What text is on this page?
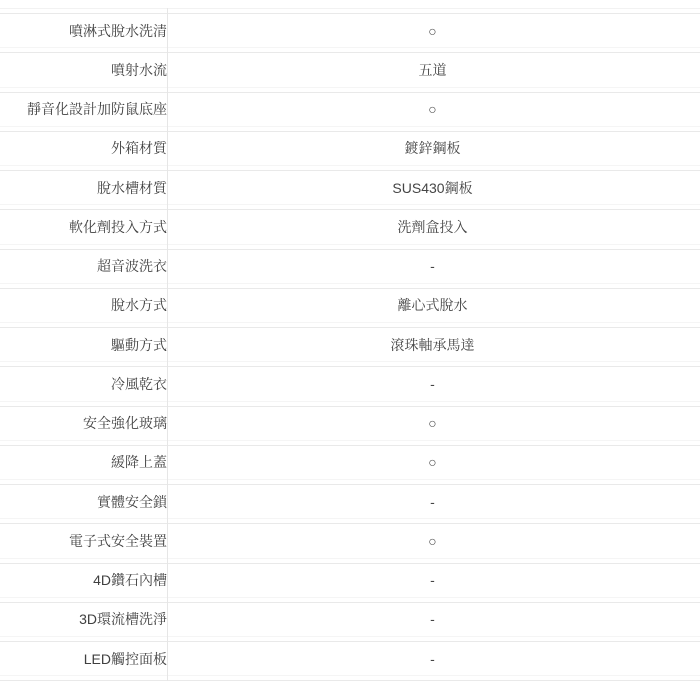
噴淋式脫水洗清	○
噴射水流	五道
靜音化設計加防鼠底座	○
外箱材質	鍍鋅鋼板
脫水槽材質	SUS430鋼板
軟化劑投入方式	洗劑盒投入
超音波洗衣	-
脫水方式	離心式脫水
驅動方式	滾珠軸承馬達
冷風乾衣	-
安全強化玻璃	○
緩降上蓋	○
實體安全鎖	-
電子式安全裝置	○
4D鑽石內槽	-
3D環流槽洗淨	-
LED觸控面板	-
